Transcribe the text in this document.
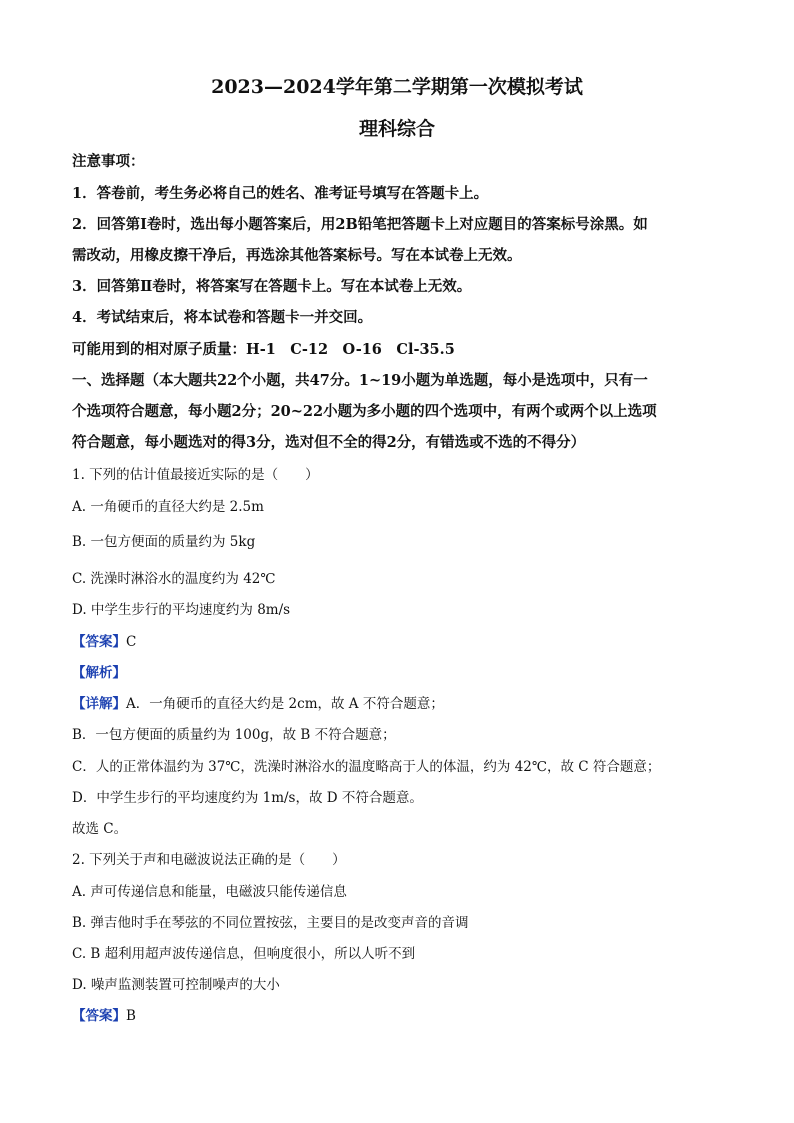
2023—2024学年第二学期第一次模拟考试
理科综合
注意事项：
1．答卷前，考生务必将自己的姓名、准考证号填写在答题卡上。
2．回答第Ⅰ卷时，选出每小题答案后，用2B铅笔把答题卡上对应题目的答案标号涂黑。如
需改动，用橡皮擦干净后，再选涂其他答案标号。写在本试卷上无效。
3．回答第Ⅱ卷时，将答案写在答题卡上。写在本试卷上无效。
4．考试结束后，将本试卷和答题卡一并交回。
可能用到的相对原子质量：H-1　C-12　O-16　Cl-35.5
一、选择题（本大题共22个小题，共47分。1~19小题为单选题，每小是选项中，只有一
个选项符合题意，每小题2分；20~22小题为多小题的四个选项中，有两个或两个以上选项
符合题意，每小题选对的得3分，选对但不全的得2分，有错选或不选的不得分）
1. 下列的估计值最接近实际的是（　　）
A. 一角硬币的直径大约是 2.5m
B. 一包方便面的质量约为 5kg
C. 洗澡时淋浴水的温度约为 42℃
D. 中学生步行的平均速度约为 8m/s
【答案】C
【解析】
【详解】A．一角硬币的直径大约是 2cm，故 A 不符合题意；
B．一包方便面的质量约为 100g，故 B 不符合题意；
C．人的正常体温约为 37℃，洗澡时淋浴水的温度略高于人的体温，约为 42℃，故 C 符合题意；
D．中学生步行的平均速度约为 1m/s，故 D 不符合题意。
故选 C。
2. 下列关于声和电磁波说法正确的是（　　）
A. 声可传递信息和能量，电磁波只能传递信息
B. 弹吉他时手在琴弦的不同位置按弦，主要目的是改变声音的音调
C. B 超利用超声波传递信息，但响度很小，所以人听不到
D. 噪声监测装置可控制噪声的大小
【答案】B
